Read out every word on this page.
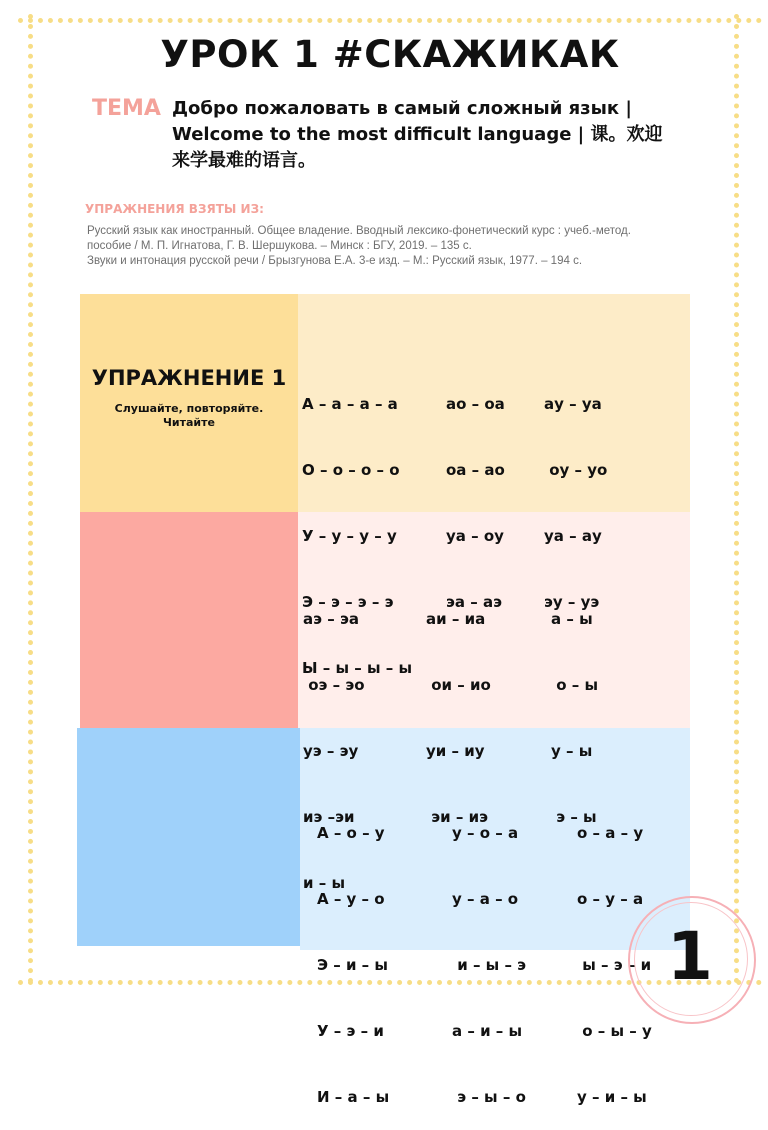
УРОК 1 #СКАЖИКАК
ТЕМА Добро пожаловать в самый сложный язык | Welcome to the most difficult language | 课。欢迎来学最难的语言。
УПРАЖНЕНИЯ ВЗЯТЫ ИЗ:
Русский язык как иностранный. Общее владение. Вводный лексико-фонетический курс : учеб.-метод.
пособие / М. П. Игнатова, Г. В. Шершукова. – Минск : БГУ, 2019. – 135 с.
Звуки и интонация русской речи / Брызгунова Е.А. 3-е изд. – М.: Русский язык, 1977. – 194 с.
УПРАЖНЕНИЕ 1
Слушайте, повторяйте. Читайте

А – а – а – а

О – о – о – о

У – у – у – у

Э – э – э – э

Ы – ы – ы – ы

ао – оа

оа – ао

уа – оу

эа – аэ

ау – уа

оу – уо

уа – ау

эу – уэ

аэ – эа

оэ – эо

уэ – эу

иэ –эи

и – ы

аи – иа

ои – ио

уи – иу

эи – иэ

а – ы

о – ы

у – ы

э – ы

А – о – у

А – у – о

Э – и – ы

У – э – и

И – а – ы

у – о – а

у – а – о

и – ы – э

а – и – ы

э – ы – о

о – а – у

о – у – а

ы – э – и

о – ы – у

у – и – ы

1
